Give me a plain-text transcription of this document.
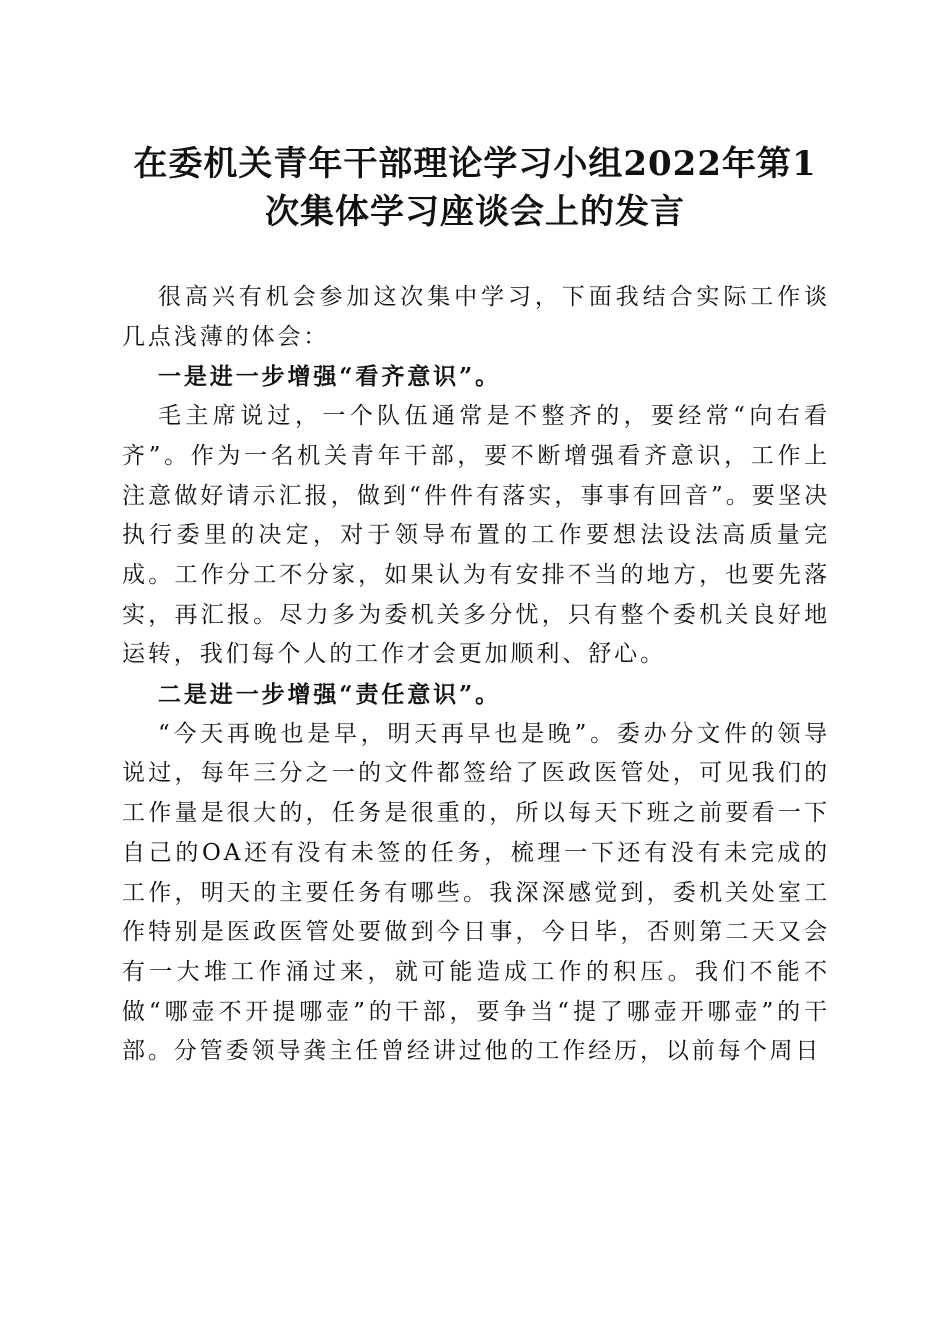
在委机关青年干部理论学习小组2022年第1
次集体学习座谈会上的发言

很高兴有机会参加这次集中学习，下面我结合实际工作谈几点浅薄的体会：

一是进一步增强“看齐意识”。

毛主席说过，一个队伍通常是不整齐的，要经常“向右看齐”。作为一名机关青年干部，要不断增强看齐意识，工作上注意做好请示汇报，做到“件件有落实，事事有回音”。要坚决执行委里的决定，对于领导布置的工作要想法设法高质量完成。工作分工不分家，如果认为有安排不当的地方，也要先落实，再汇报。尽力多为委机关多分忧，只有整个委机关良好地运转，我们每个人的工作才会更加顺利、舒心。

二是进一步增强“责任意识”。

“今天再晚也是早，明天再早也是晚”。委办分文件的领导说过，每年三分之一的文件都签给了医政医管处，可见我们的工作量是很大的，任务是很重的，所以每天下班之前要看一下自己的OA还有没有未签的任务，梳理一下还有没有未完成的工作，明天的主要任务有哪些。我深深感觉到，委机关处室工作特别是医政医管处要做到今日事，今日毕，否则第二天又会有一大堆工作涌过来，就可能造成工作的积压。我们不能不做“哪壶不开提哪壶”的干部，要争当“提了哪壶开哪壶”的干部。分管委领导龚主任曾经讲过他的工作经历，以前每个周日
